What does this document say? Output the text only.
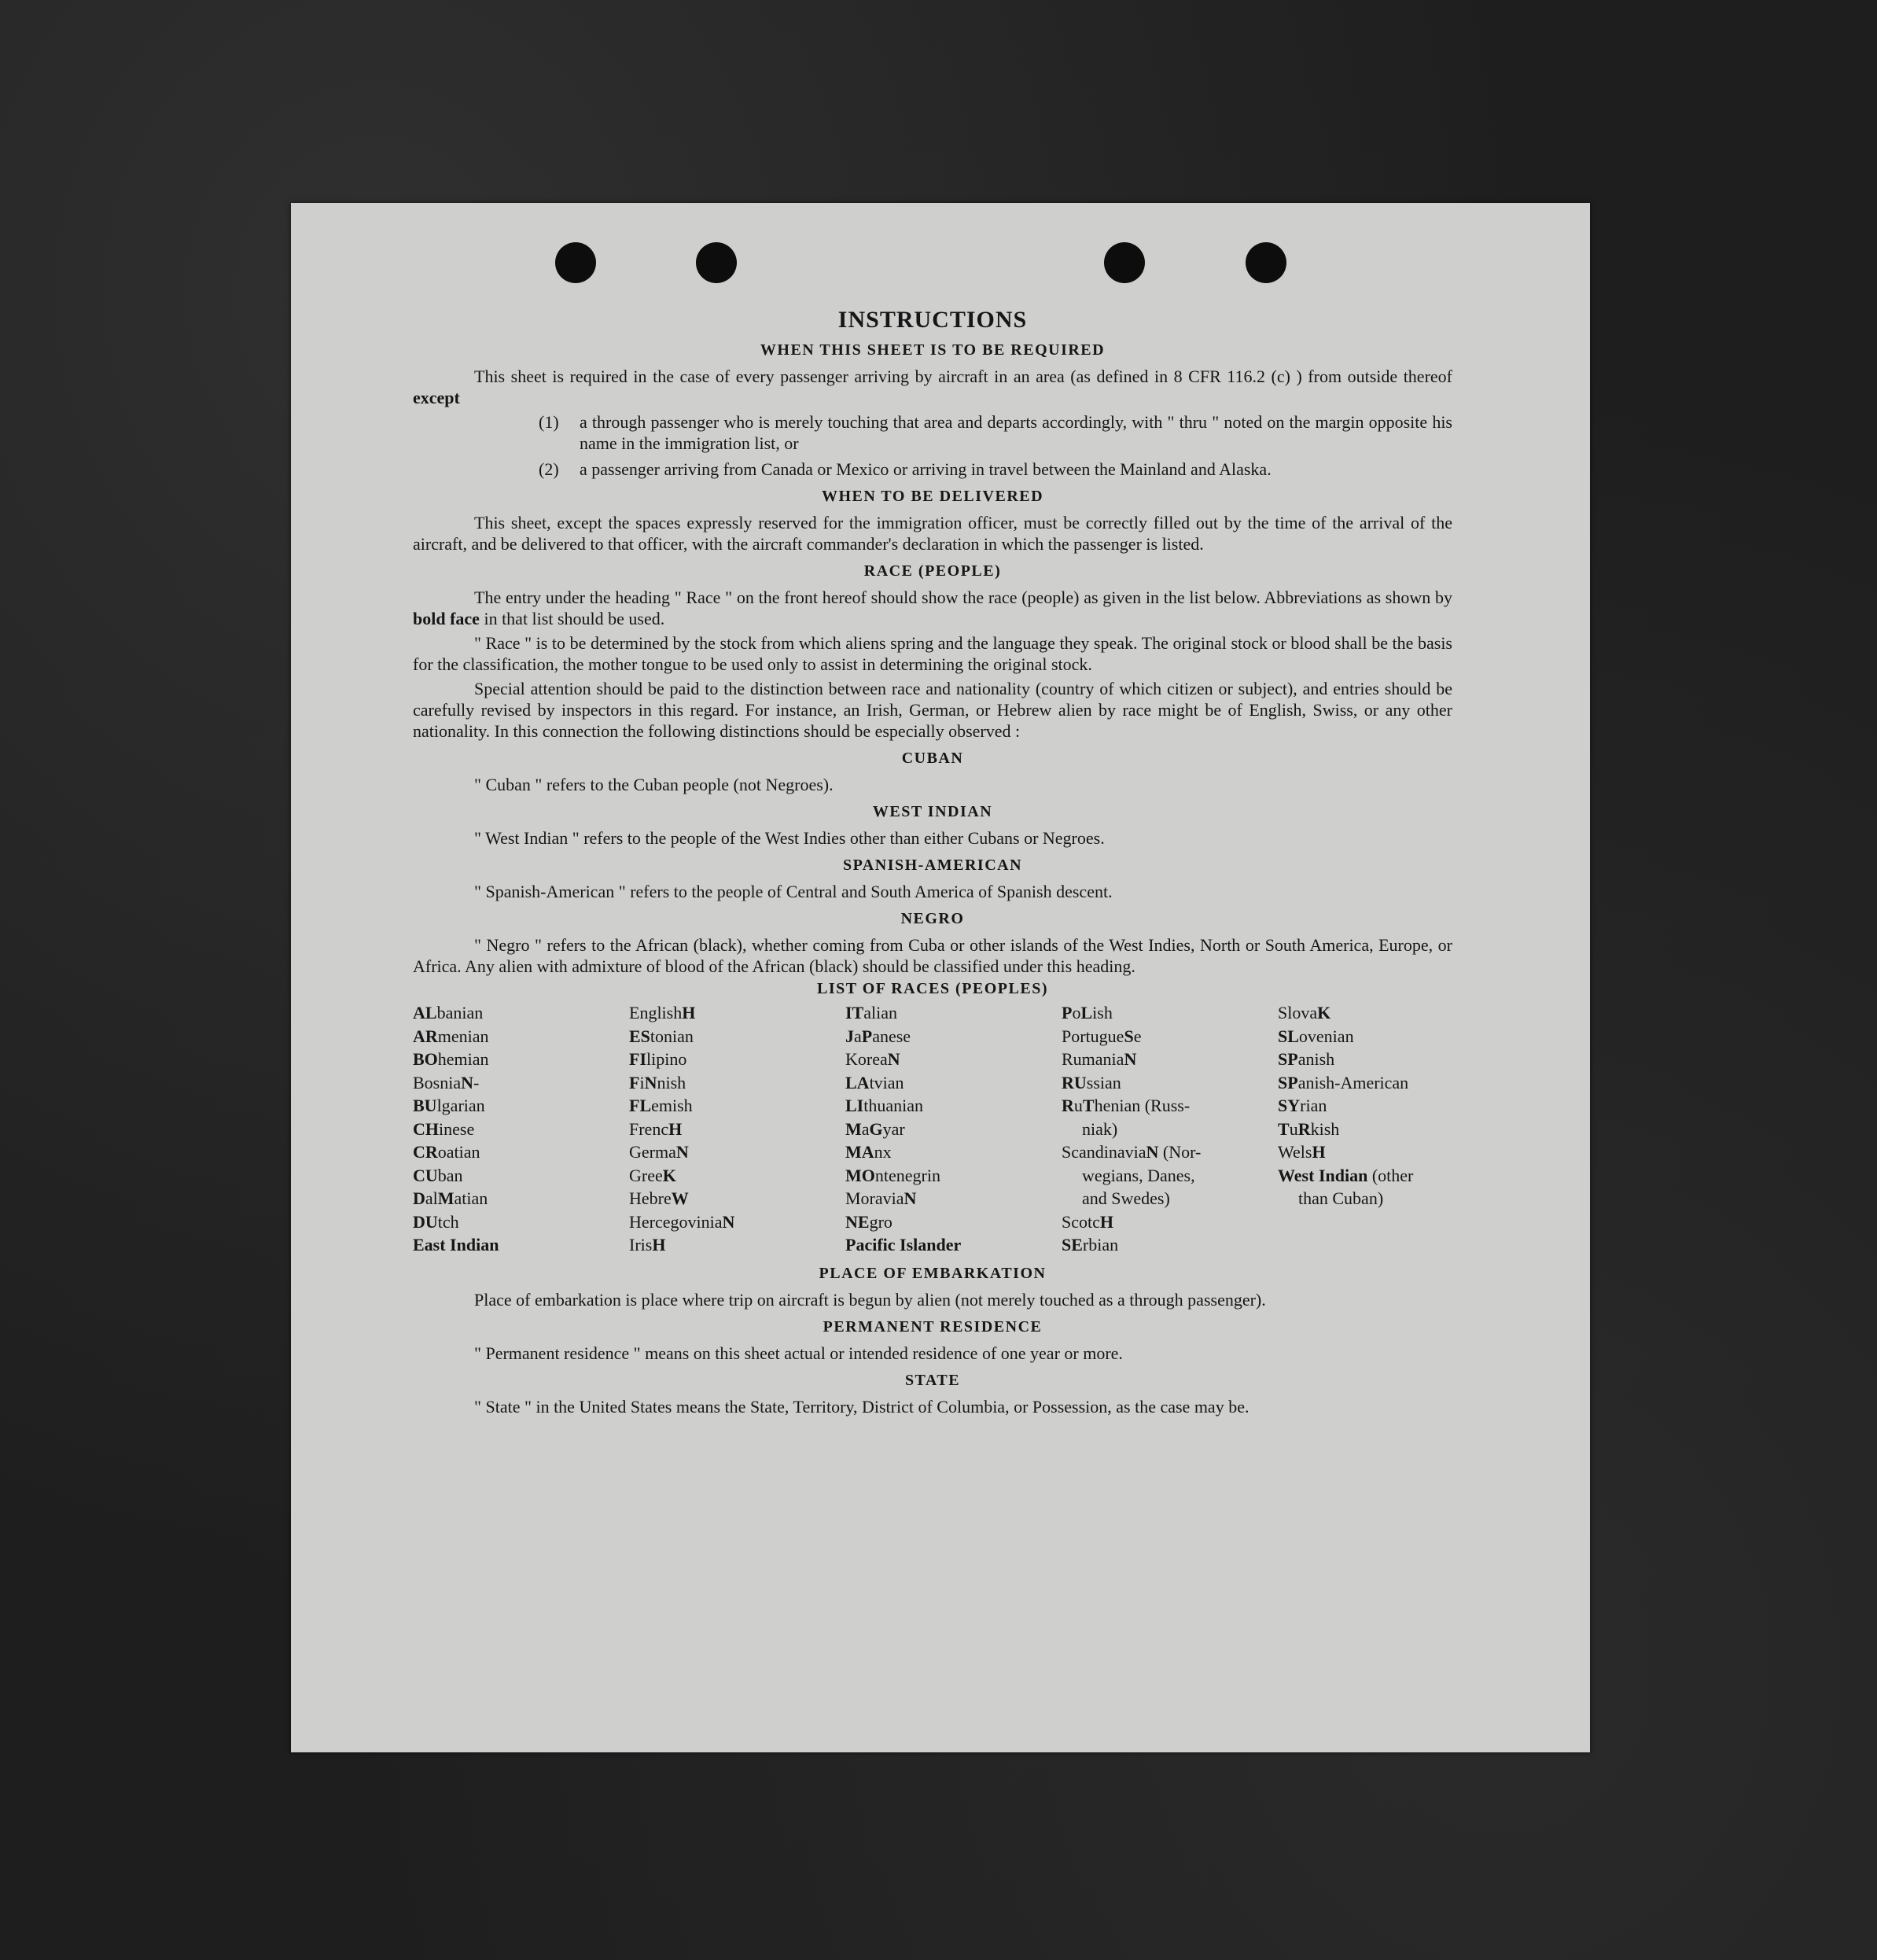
INSTRUCTIONS
WHEN THIS SHEET IS TO BE REQUIRED

This sheet is required in the case of every passenger arriving by aircraft in an area (as defined in 8 CFR 116.2 (c) ) from outside thereof except

(1)	a through passenger who is merely touching that area and departs accordingly, with " thru " noted on the margin opposite his name in the immigration list, or
(2)	a passenger arriving from Canada or Mexico or arriving in travel between the Mainland and Alaska.
WHEN TO BE DELIVERED

This sheet, except the spaces expressly reserved for the immigration officer, must be correctly filled out by the time of the arrival of the aircraft, and be delivered to that officer, with the aircraft commander's declaration in which the passenger is listed.

RACE (PEOPLE)

The entry under the heading " Race " on the front hereof should show the race (people) as given in the list below. Abbreviations as shown by bold face in that list should be used.

" Race " is to be determined by the stock from which aliens spring and the language they speak. The original stock or blood shall be the basis for the classification, the mother tongue to be used only to assist in determining the original stock.

Special attention should be paid to the distinction between race and nationality (country of which citizen or subject), and entries should be carefully revised by inspectors in this regard. For instance, an Irish, German, or Hebrew alien by race might be of English, Swiss, or any other nationality. In this connection the following distinctions should be especially observed :

CUBAN

" Cuban " refers to the Cuban people (not Negroes).

WEST INDIAN

" West Indian " refers to the people of the West Indies other than either Cubans or Negroes.

SPANISH-AMERICAN

" Spanish-American " refers to the people of Central and South America of Spanish descent.

NEGRO

" Negro " refers to the African (black), whether coming from Cuba or other islands of the West Indies, North or South America, Europe, or Africa. Any alien with admixture of blood of the African (black) should be classified under this heading.

LIST OF RACES (PEOPLES)
ALbanian
ARmenian
BOhemian
BosniaN-
BUlgarian
CHinese
CRoatian
CUban
DalMatian
DUtch
East Indian
EnglishH
EStonian
FIlipino
FiNnish
FLemish
FrencH
GermaN
GreeK
HebreW
HercegoviniaN
IrisH
ITalian
JaPanese
KoreaN
LAtvian
LIthuanian
MaGyar
MAnx
MOntenegrin
MoraviaN
NEgro
Pacific Islander
PoLish
PortugueSe
RumaniaN
RUssian
RuThenian (Russ-
niak)
ScandinaviaN (Nor-
wegians, Danes,
and Swedes)
ScotcH
SErbian
SlovaK
SLovenian
SPanish
SPanish-American
SYrian
TuRkish
WelsH
West Indian (other
than Cuban)
PLACE OF EMBARKATION

Place of embarkation is place where trip on aircraft is begun by alien (not merely touched as a through passenger).

PERMANENT RESIDENCE

" Permanent residence " means on this sheet actual or intended residence of one year or more.

STATE

" State " in the United States means the State, Territory, District of Columbia, or Possession, as the case may be.
